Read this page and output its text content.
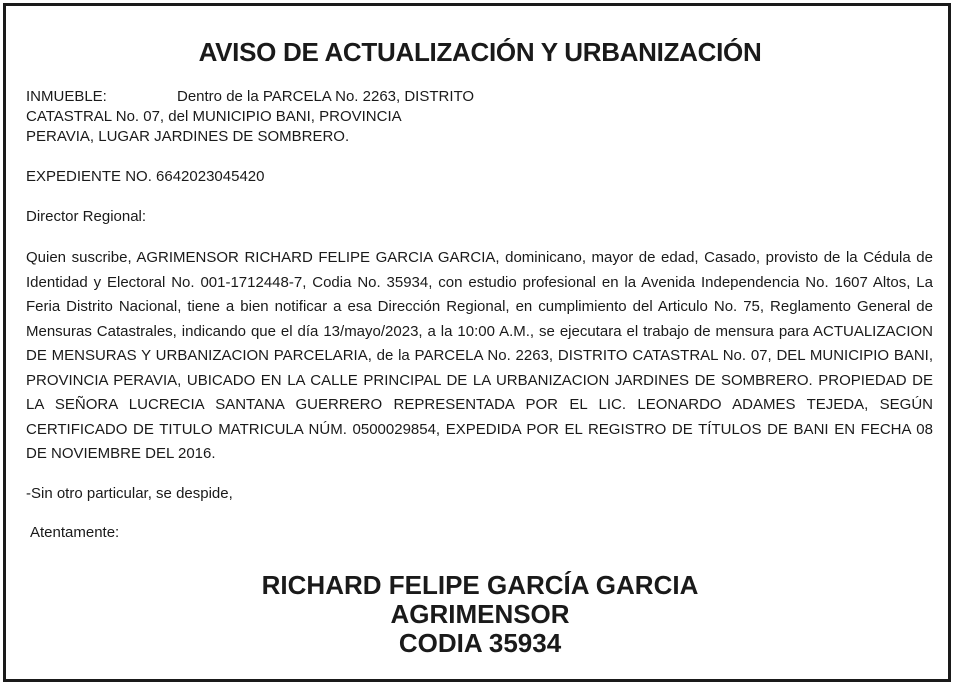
AVISO DE ACTUALIZACIÓN Y URBANIZACIÓN
INMUEBLE:	Dentro de la PARCELA No. 2263, DISTRITO
CATASTRAL No. 07, del MUNICIPIO BANI, PROVINCIA
PERAVIA, LUGAR JARDINES DE SOMBRERO.

EXPEDIENTE NO. 6642023045420

Director Regional:

Quien suscribe, AGRIMENSOR RICHARD FELIPE GARCIA GARCIA, dominicano, mayor de edad, Casado, provisto de la Cédula de Identidad y Electoral No. 001-1712448-7, Codia No. 35934, con estudio profesional en la Avenida Independencia No. 1607 Altos, La Feria Distrito Nacional, tiene a bien notificar a esa Dirección Regional, en cumplimiento del Articulo No. 75, Reglamento General de Mensuras Catastrales, indicando que el día 13/mayo/2023, a la 10:00 A.M., se ejecutara el trabajo de mensura para ACTUALIZACION DE MENSURAS Y URBANIZACION PARCELARIA, de la PARCELA No. 2263, DISTRITO CATASTRAL No. 07, DEL MUNICIPIO BANI, PROVINCIA PERAVIA, UBICADO EN LA CALLE PRINCIPAL DE LA URBANIZACION JARDINES DE SOMBRERO. PROPIEDAD DE LA SEÑORA LUCRECIA SANTANA GUERRERO REPRESENTADA POR EL LIC. LEONARDO ADAMES TEJEDA, SEGÚN CERTIFICADO DE TITULO MATRICULA NÚM. 0500029854, EXPEDIDA POR EL REGISTRO DE TÍTULOS DE BANI EN FECHA 08 DE NOVIEMBRE DEL 2016.

-Sin otro particular, se despide,

Atentamente:

RICHARD FELIPE GARCÍA GARCIA

AGRIMENSOR

CODIA 35934
